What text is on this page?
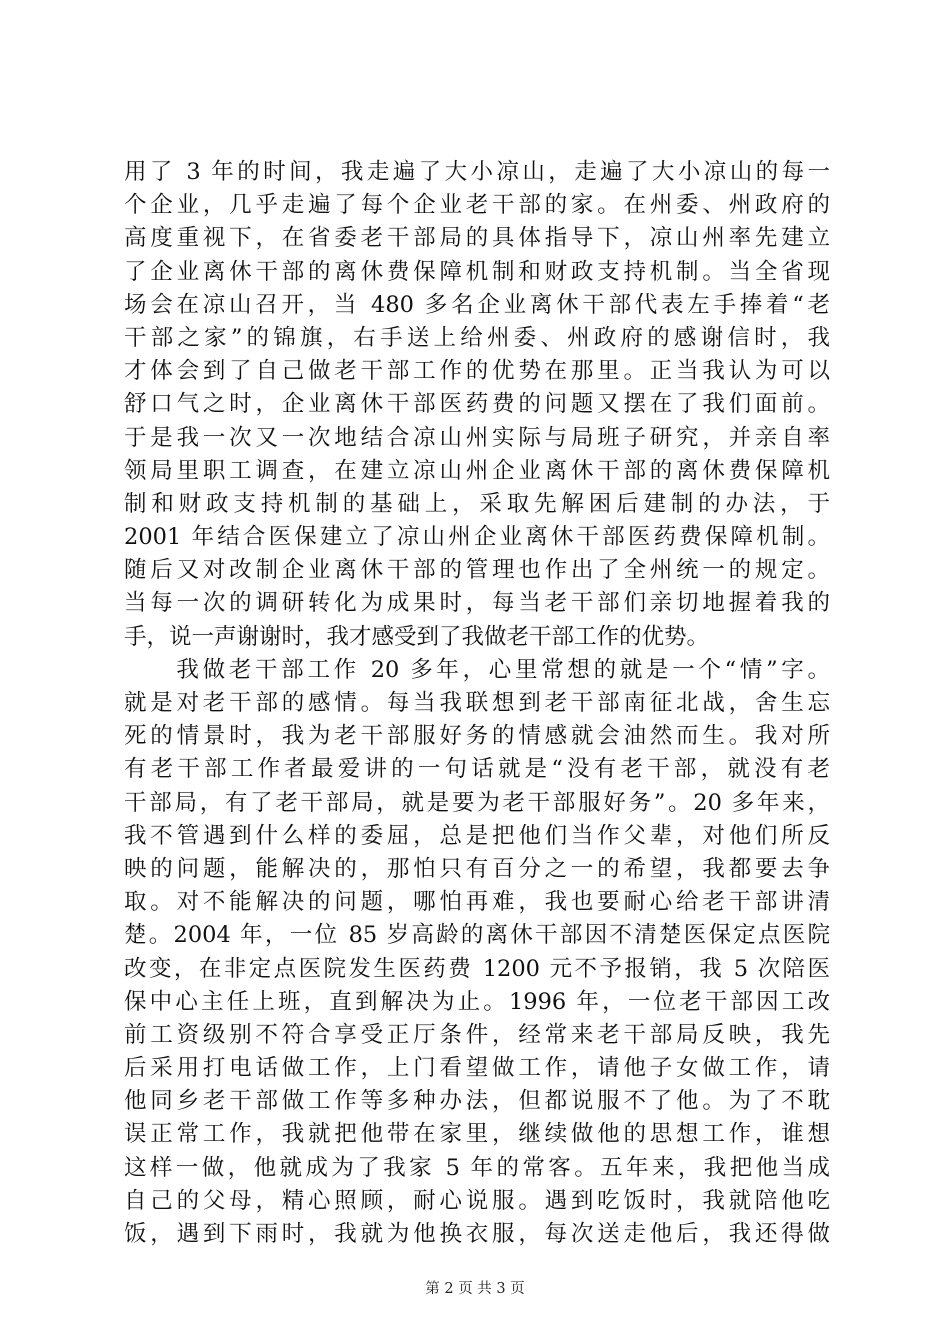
用了 3 年的时间，我走遍了大小凉山，走遍了大小凉山的每一
个企业，几乎走遍了每个企业老干部的家。在州委、州政府的
高度重视下，在省委老干部局的具体指导下，凉山州率先建立
了企业离休干部的离休费保障机制和财政支持机制。当全省现
场会在凉山召开，当 480 多名企业离休干部代表左手捧着“老
干部之家”的锦旗，右手送上给州委、州政府的感谢信时，我
才体会到了自己做老干部工作的优势在那里。正当我认为可以
舒口气之时，企业离休干部医药费的问题又摆在了我们面前。
于是我一次又一次地结合凉山州实际与局班子研究，并亲自率
领局里职工调查，在建立凉山州企业离休干部的离休费保障机
制和财政支持机制的基础上，采取先解困后建制的办法，于
2001 年结合医保建立了凉山州企业离休干部医药费保障机制。
随后又对改制企业离休干部的管理也作出了全州统一的规定。
当每一次的调研转化为成果时，每当老干部们亲切地握着我的
手，说一声谢谢时，我才感受到了我做老干部工作的优势。
　　我做老干部工作 20 多年，心里常想的就是一个“情”字。
就是对老干部的感情。每当我联想到老干部南征北战，舍生忘
死的情景时，我为老干部服好务的情感就会油然而生。我对所
有老干部工作者最爱讲的一句话就是“没有老干部，就没有老
干部局，有了老干部局，就是要为老干部服好务”。20 多年来，
我不管遇到什么样的委屈，总是把他们当作父辈，对他们所反
映的问题，能解决的，那怕只有百分之一的希望，我都要去争
取。对不能解决的问题，哪怕再难，我也要耐心给老干部讲清
楚。2004 年，一位 85 岁高龄的离休干部因不清楚医保定点医院
改变，在非定点医院发生医药费 1200 元不予报销，我 5 次陪医
保中心主任上班，直到解决为止。1996 年，一位老干部因工改
前工资级别不符合享受正厅条件，经常来老干部局反映，我先
后采用打电话做工作，上门看望做工作，请他子女做工作，请
他同乡老干部做工作等多种办法，但都说服不了他。为了不耽
误正常工作，我就把他带在家里，继续做他的思想工作，谁想
这样一做，他就成为了我家 5 年的常客。五年来，我把他当成
自己的父母，精心照顾，耐心说服。遇到吃饭时，我就陪他吃
饭，遇到下雨时，我就为他换衣服，每次送走他后，我还得做
第 2 页 共 3 页
